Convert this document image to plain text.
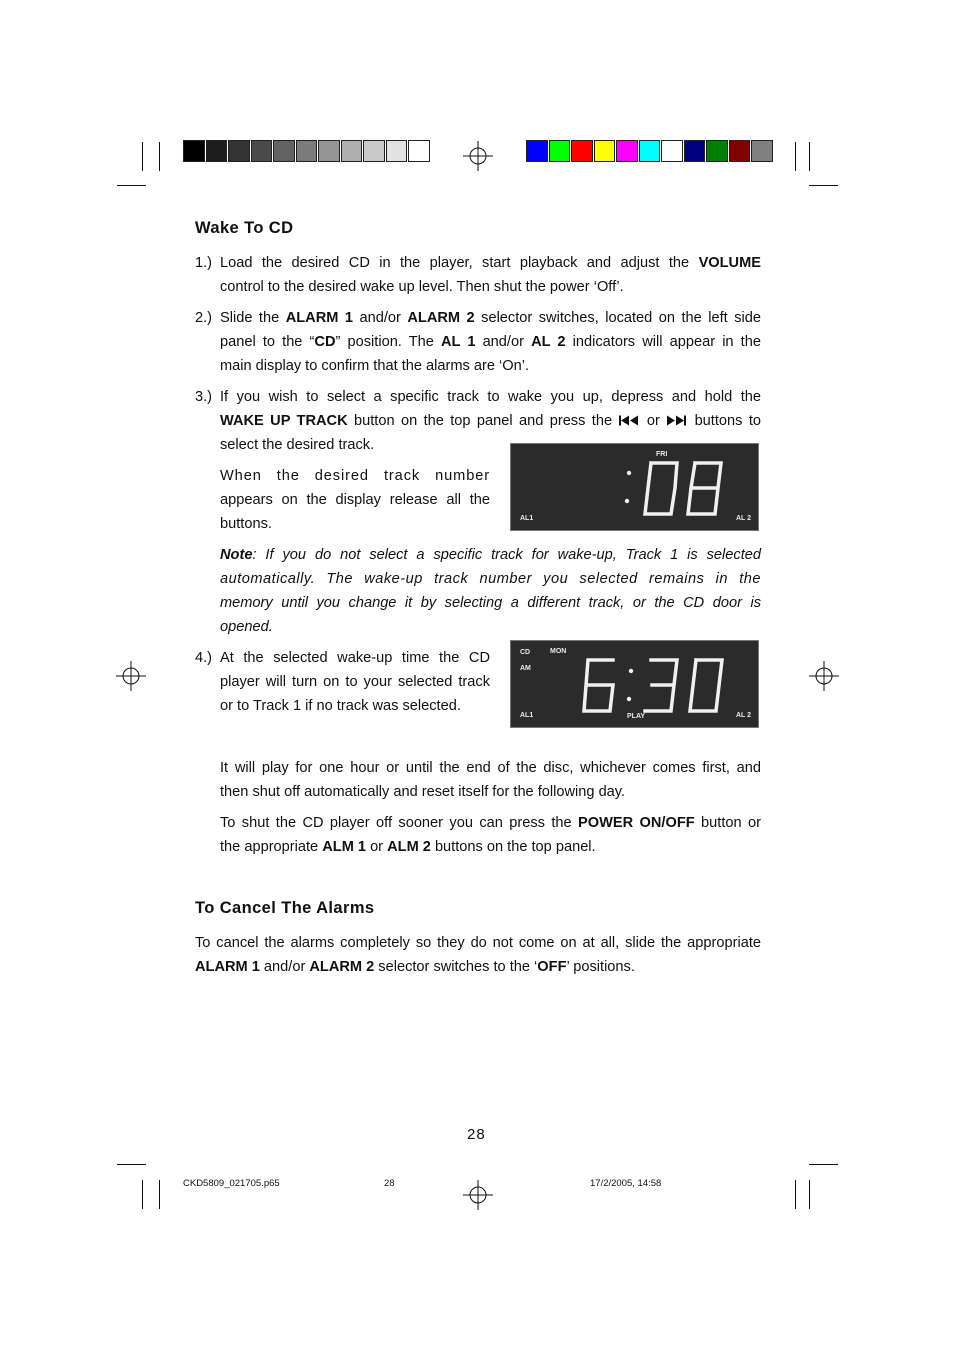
Wake To CD
1.) Load the desired CD in the player, start playback and adjust the VOLUME
control to the desired wake up level. Then shut the power ‘Off’.
2.) Slide the ALARM 1 and/or ALARM 2 selector switches, located on the left side
panel to the “CD” position. The AL 1 and/or AL 2 indicators will appear in the
main display to confirm that the alarms are ‘On’.
3.) If you wish to select a specific track to wake you up, depress and hold the
WAKE UP TRACK button on the top panel and press the  or  buttons to
select the desired track.
When the desired track number
appears on the display release all the
buttons.
FRI
AL1	AL 2
Note: If you do not select a specific track for wake-up, Track 1 is selected
automatically. The wake-up track number you selected remains in the
memory until you change it by selecting a different track, or the CD door is
opened.
4.) At the selected wake-up time the CD
player will turn on to your selected track
or to Track 1 if no track was selected.
CD	MON
AM
AL1	PLAY	AL 2
It will play for one hour or until the end of the disc, whichever comes first, and
then shut off automatically and reset itself for the following day.
To shut the CD player off sooner you can press the POWER ON/OFF button or
the appropriate ALM 1 or ALM 2 buttons on the top panel.
To Cancel The Alarms
To cancel the alarms completely so they do not come on at all, slide the appropriate
ALARM 1 and/or ALARM 2 selector switches to the ‘OFF’ positions.
28
CKD5809_021705.p65	28	17/2/2005, 14:58
